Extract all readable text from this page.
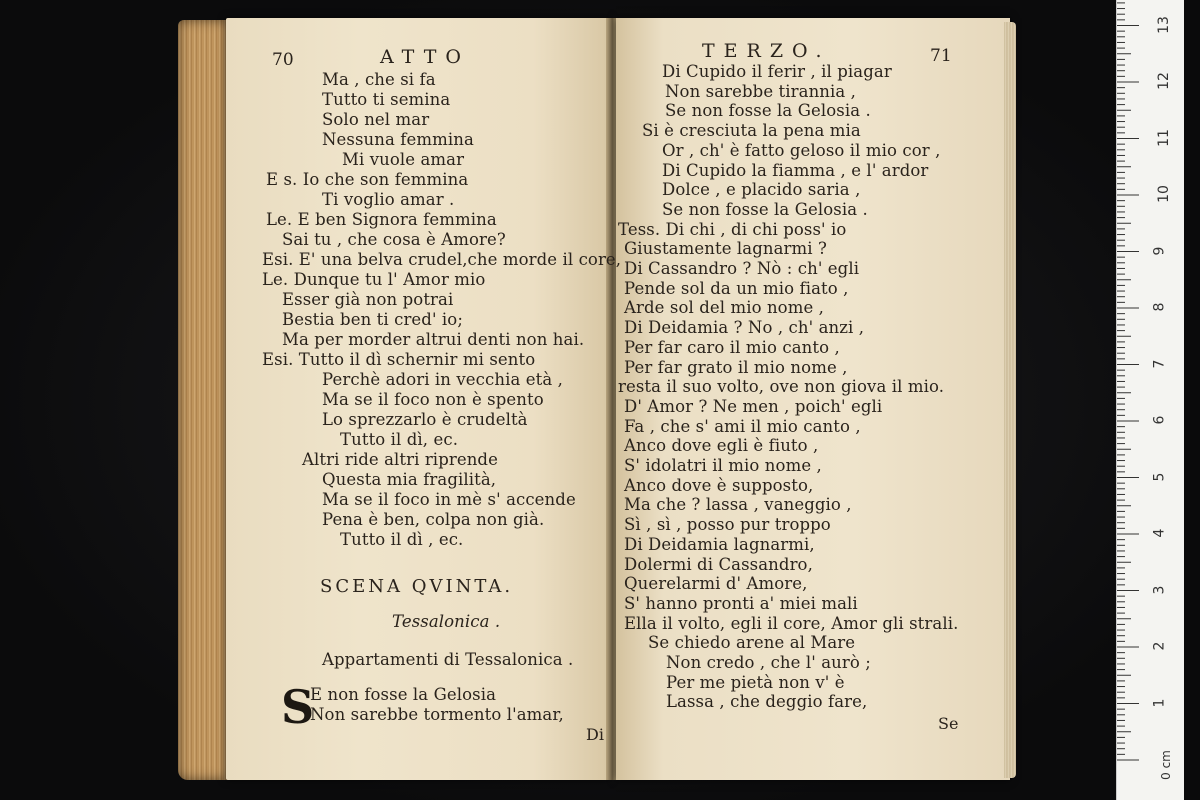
70	ATTO
Ma , che si fa
Tutto ti semina
Solo nel mar
Nessuna femmina
Mi vuole amar
E s. Io che son femmina
Ti voglio amar .
Le. E ben Signora femmina
Sai tu , che cosa è Amore?
Esi. E' una belva crudel,che morde il core,
Le. Dunque tu l' Amor mio
Esser già non potrai
Bestia ben ti cred' io;
Ma per morder altrui denti non hai.
Esi. Tutto il dì schernir mi sento
Perchè adori in vecchia età ,
Ma se il foco non è spento
Lo sprezzarlo è crudeltà
Tutto il dì, ec.
Altri ride altri riprende
Questa mia fragilità,
Ma se il foco in mè s' accende
Pena è ben, colpa non già.
Tutto il dì , ec.
SCENA QVINTA.
Tessalonica .
Appartamenti di Tessalonica .
S
E non fosse la Gelosia
Non sarebbe tormento l'amar,
Di
TERZO.	71
Di Cupido il ferir , il piagar
Non sarebbe tirannia ,
Se non fosse la Gelosia .
Si è cresciuta la pena mia
Or , ch' è fatto geloso il mio cor ,
Di Cupido la fiamma , e l' ardor
Dolce , e placido saria ,
Se non fosse la Gelosia .
Tess. Di chi , di chi poss' io
Giustamente lagnarmi ?
Di Cassandro ? Nò : ch' egli
Pende sol da un mio fiato ,
Arde sol del mio nome ,
Di Deidamia ? No , ch' anzi ,
Per far caro il mio canto ,
Per far grato il mio nome ,
resta il suo volto, ove non giova il mio.
D' Amor ? Ne men , poich' egli
Fa , che s' ami il mio canto ,
Anco dove egli è fiuto ,
S' idolatri il mio nome ,
Anco dove è supposto,
Ma che ? lassa , vaneggio ,
Sì , sì , posso pur troppo
Di Deidamia lagnarmi,
Dolermi di Cassandro,
Querelarmi d' Amore,
S' hanno pronti a' miei mali
Ella il volto, egli il core, Amor gli strali.
Se chiedo arene al Mare
Non credo , che l' aurò ;
Per me pietà non v' è
Lassa , che deggio fare,
Se
1
2
3
4
5
6
7
8
9
10
11
12
13
0 cm
